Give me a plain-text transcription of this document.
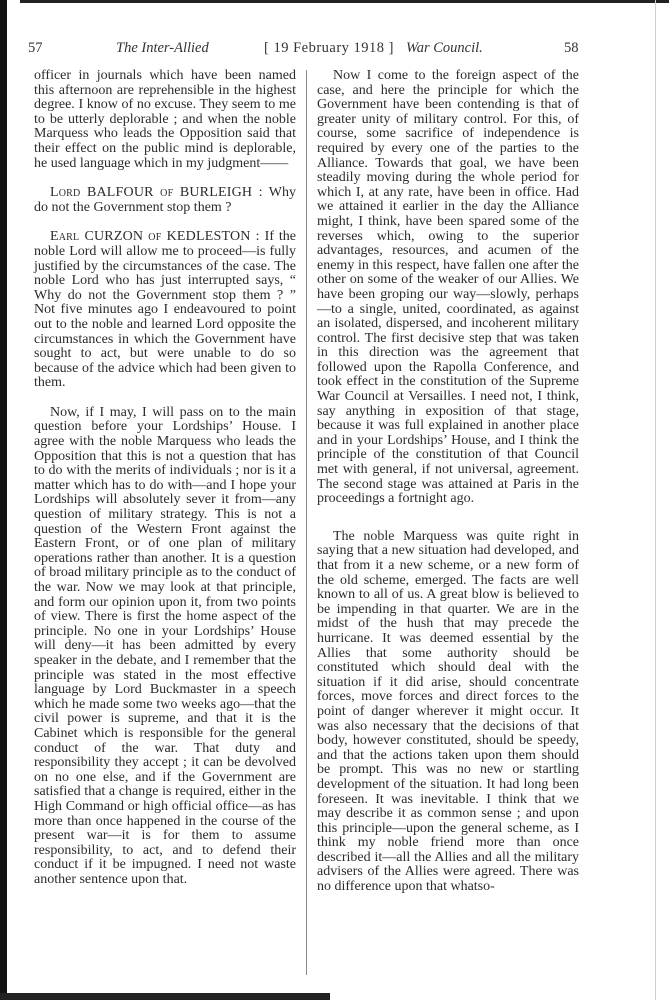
57	The Inter-Allied	[ 19 February 1918 ] War Council.	58

officer in journals which have been named this afternoon are reprehensible in the highest degree. I know of no excuse. They seem to me to be utterly deplorable ; and when the noble Marquess who leads the Opposition said that their effect on the public mind is deplorable, he used language which in my judgment——

Lord BALFOUR of BURLEIGH : Why do not the Government stop them ?

Earl CURZON of KEDLESTON : If the noble Lord will allow me to proceed—is fully justified by the circumstances of the case. The noble Lord who has just interrupted says, “ Why do not the Government stop them ? ” Not five minutes ago I endeavoured to point out to the noble and learned Lord opposite the circumstances in which the Government have sought to act, but were unable to do so because of the advice which had been given to them.

Now, if I may, I will pass on to the main question before your Lordships’ House. I agree with the noble Marquess who leads the Opposition that this is not a question that has to do with the merits of individuals ; nor is it a matter which has to do with—and I hope your Lordships will absolutely sever it from—any question of military strategy. This is not a question of the Western Front against the Eastern Front, or of one plan of military operations rather than another. It is a question of broad military principle as to the conduct of the war. Now we may look at that principle, and form our opinion upon it, from two points of view. There is first the home aspect of the principle. No one in your Lordships’ House will deny—it has been admitted by every speaker in the debate, and I remember that the principle was stated in the most effective language by Lord Buckmaster in a speech which he made some two weeks ago—that the civil power is supreme, and that it is the Cabinet which is responsible for the general conduct of the war. That duty and responsibility they accept ; it can be devolved on no one else, and if the Government are satisfied that a change is required, either in the High Command or high official office—as has more than once happened in the course of the present war—it is for them to assume responsibility, to act, and to defend their conduct if it be impugned. I need not waste another sentence upon that.

Now I come to the foreign aspect of the case, and here the principle for which the Government have been contending is that of greater unity of military control. For this, of course, some sacrifice of independence is required by every one of the parties to the Alliance. Towards that goal, we have been steadily moving during the whole period for which I, at any rate, have been in office. Had we attained it earlier in the day the Alliance might, I think, have been spared some of the reverses which, owing to the superior advantages, resources, and acumen of the enemy in this respect, have fallen one after the other on some of the weaker of our Allies. We have been groping our way—slowly, perhaps—to a single, united, coordinated, as against an isolated, dispersed, and incoherent military control. The first decisive step that was taken in this direction was the agreement that followed upon the Rapolla Conference, and took effect in the constitution of the Supreme War Council at Versailles. I need not, I think, say anything in exposition of that stage, because it was full explained in another place and in your Lordships’ House, and I think the principle of the constitution of that Council met with general, if not universal, agreement. The second stage was attained at Paris in the proceedings a fortnight ago.

The noble Marquess was quite right in saying that a new situation had developed, and that from it a new scheme, or a new form of the old scheme, emerged. The facts are well known to all of us. A great blow is believed to be impending in that quarter. We are in the midst of the hush that may precede the hurricane. It was deemed essential by the Allies that some authority should be constituted which should deal with the situation if it did arise, should concentrate forces, move forces and direct forces to the point of danger wherever it might occur. It was also necessary that the decisions of that body, however constituted, should be speedy, and that the actions taken upon them should be prompt. This was no new or startling development of the situation. It had long been foreseen. It was inevitable. I think that we may describe it as common sense ; and upon this principle—upon the general scheme, as I think my noble friend more than once described it—all the Allies and all the military advisers of the Allies were agreed. There was no difference upon that whatso-
